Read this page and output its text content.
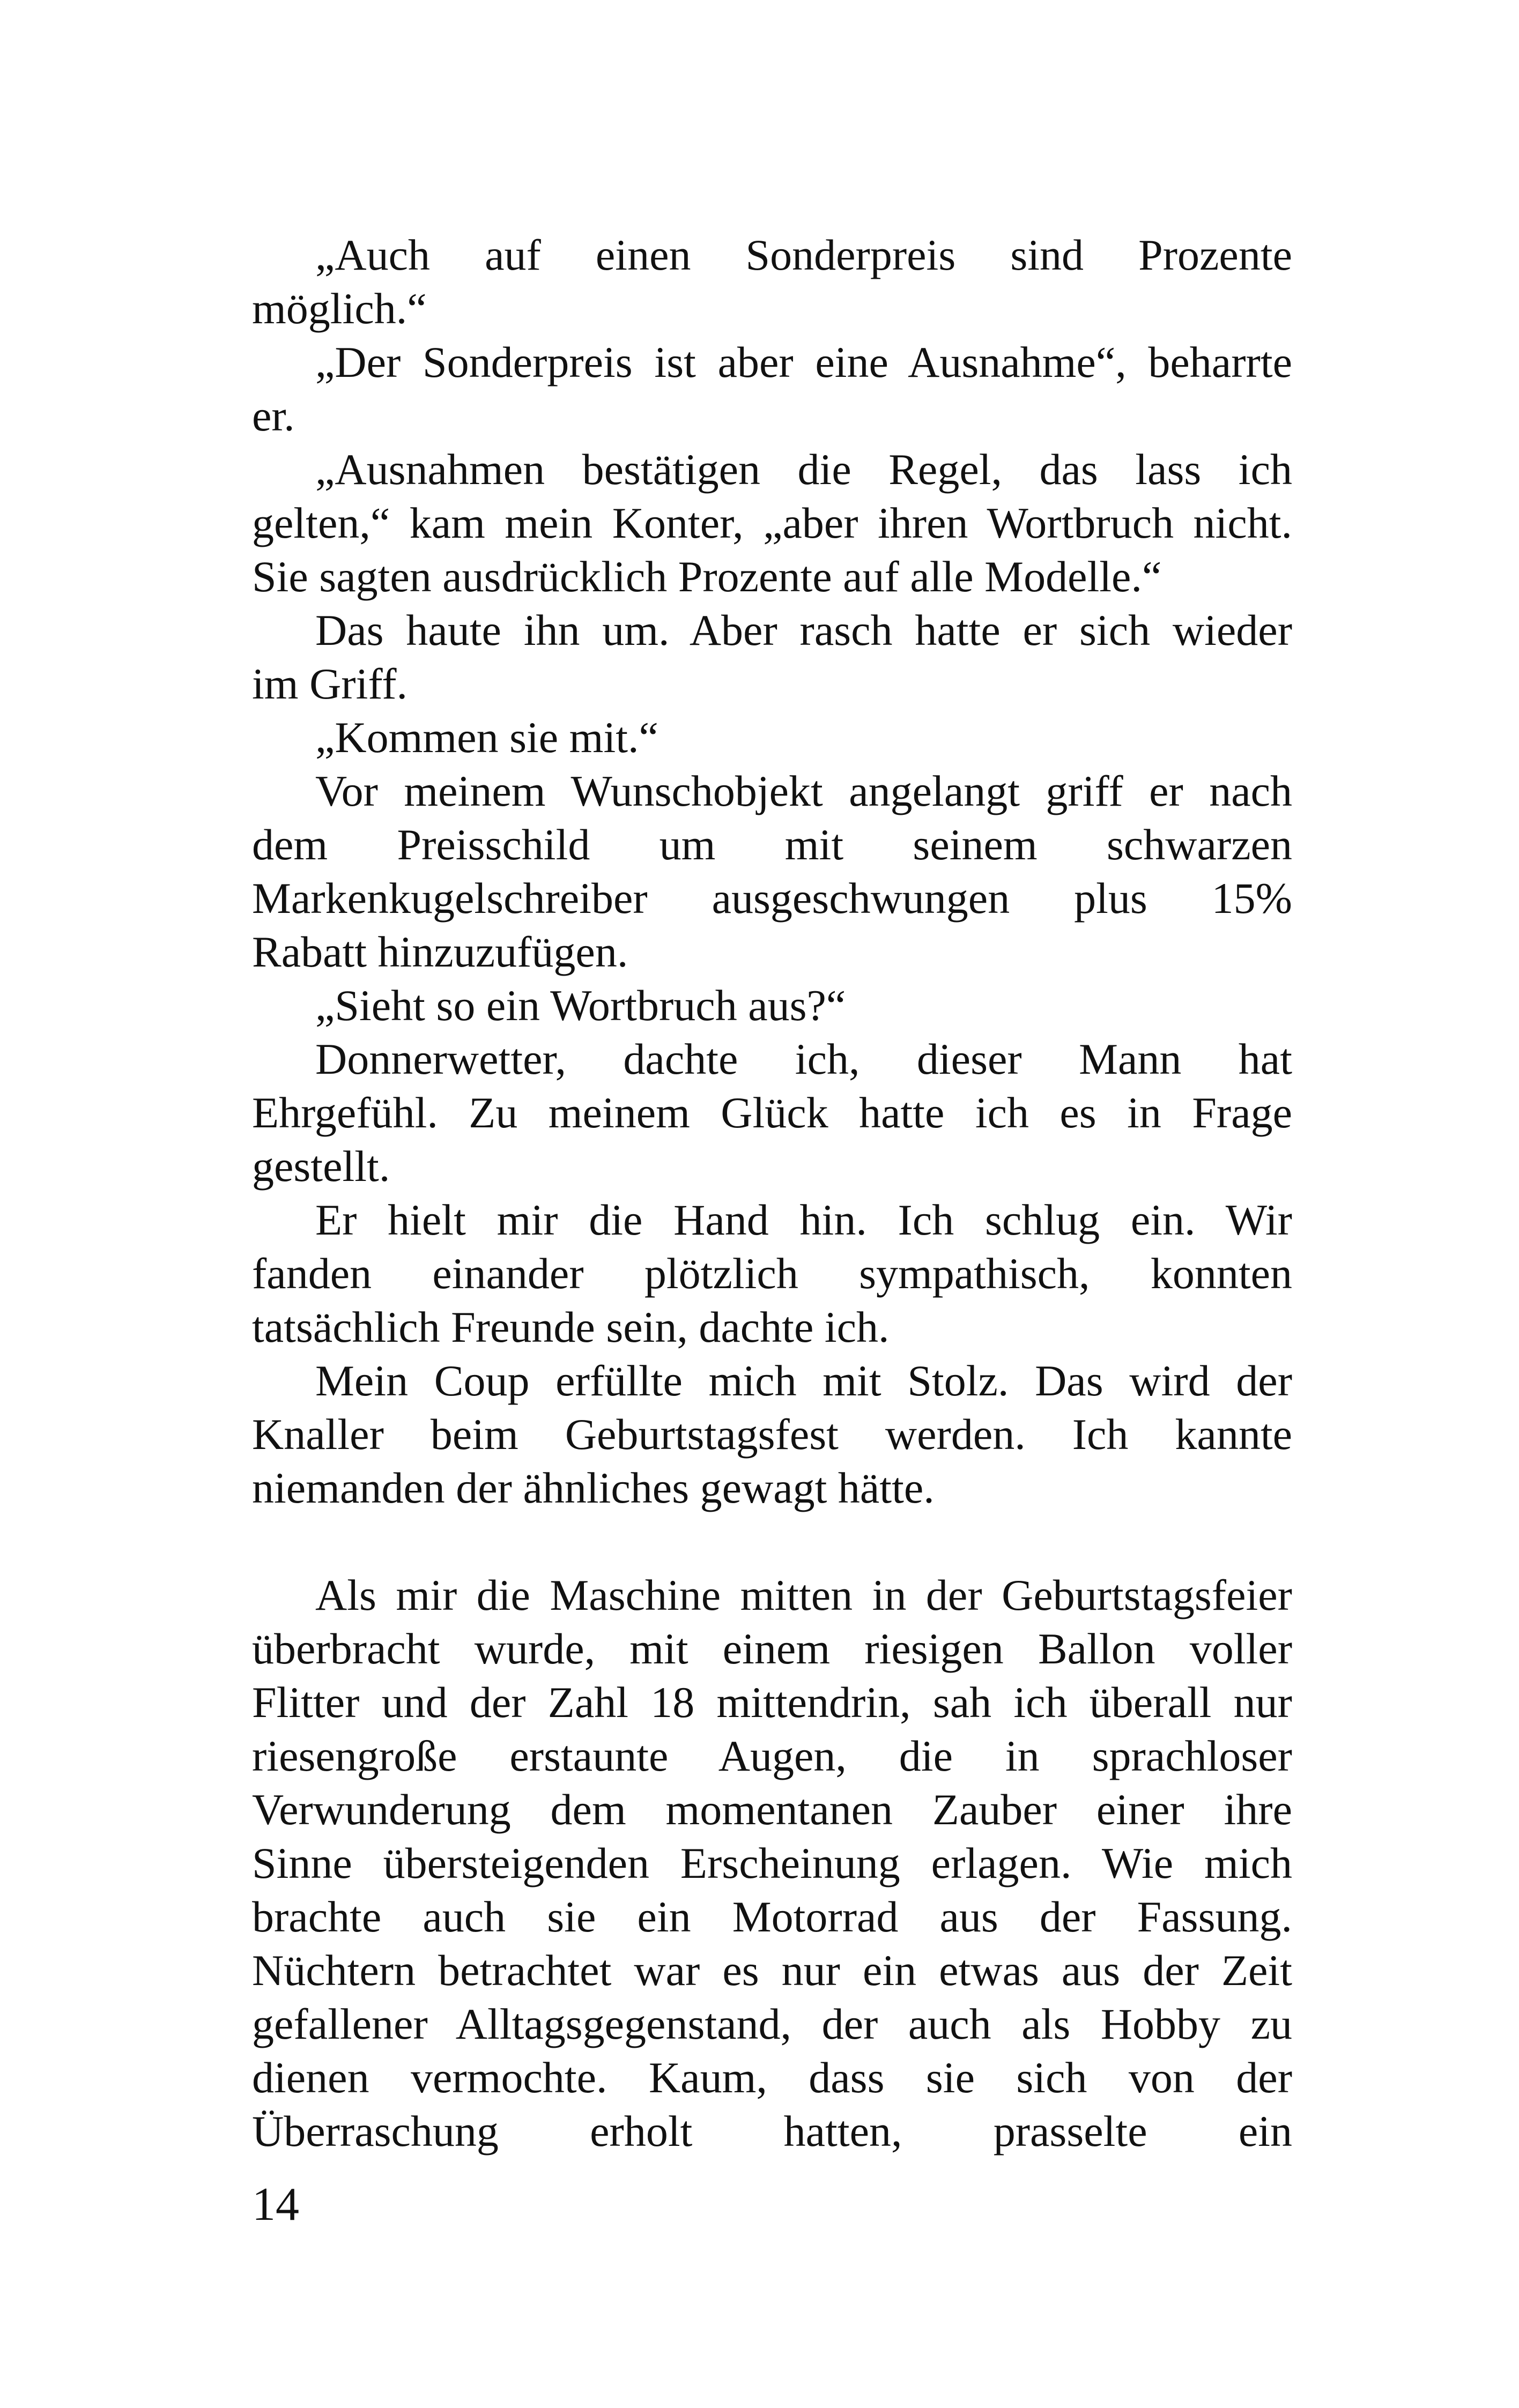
„Auch auf einen Sonderpreis sind Prozente
möglich.“
„Der Sonderpreis ist aber eine Ausnahme“, beharrte
er.
„Ausnahmen bestätigen die Regel, das lass ich
gelten,“ kam mein Konter, „aber ihren Wortbruch nicht.
Sie sagten ausdrücklich Prozente auf alle Modelle.“
Das haute ihn um. Aber rasch hatte er sich wieder
im Griff.
„Kommen sie mit.“
Vor meinem Wunschobjekt angelangt griff er nach
dem Preisschild um mit seinem schwarzen
Markenkugelschreiber ausgeschwungen plus 15%
Rabatt hinzuzufügen.
„Sieht so ein Wortbruch aus?“
Donnerwetter, dachte ich, dieser Mann hat
Ehrgefühl. Zu meinem Glück hatte ich es in Frage
gestellt.
Er hielt mir die Hand hin. Ich schlug ein. Wir
fanden einander plötzlich sympathisch, konnten
tatsächlich Freunde sein, dachte ich.
Mein Coup erfüllte mich mit Stolz. Das wird der
Knaller beim Geburtstagsfest werden. Ich kannte
niemanden der ähnliches gewagt hätte.
Als mir die Maschine mitten in der Geburtstagsfeier
überbracht wurde, mit einem riesigen Ballon voller
Flitter und der Zahl 18 mittendrin, sah ich überall nur
riesengroße erstaunte Augen, die in sprachloser
Verwunderung dem momentanen Zauber einer ihre
Sinne übersteigenden Erscheinung erlagen. Wie mich
brachte auch sie ein Motorrad aus der Fassung.
Nüchtern betrachtet war es nur ein etwas aus der Zeit
gefallener Alltagsgegenstand, der auch als Hobby zu
dienen vermochte. Kaum, dass sie sich von der
Überraschung erholt hatten, prasselte ein
14
